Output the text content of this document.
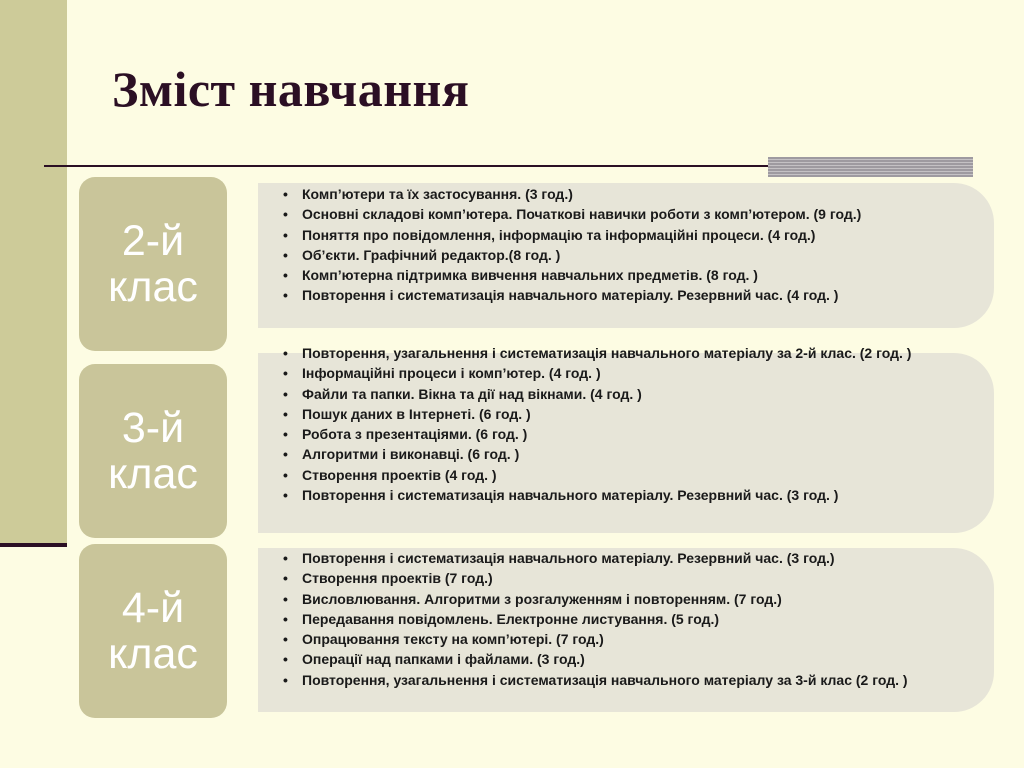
Зміст навчання
2-й
клас
• Комп’ютери та їх застосування. (3 год.)
• Основні складові комп’ютера. Початкові навички роботи з комп’ютером. (9 год.)
• Поняття про повідомлення, інформацію та інформаційні процеси. (4 год.)
• Об’єкти. Графічний редактор.(8 год. )
• Комп’ютерна підтримка вивчення навчальних предметів. (8 год. )
• Повторення і систематизація навчального матеріалу. Резервний час. (4 год. )
3-й
клас
• Повторення, узагальнення і систематизація навчального матеріалу за 2-й клас. (2 год. )
• Інформаційні процеси і комп’ютер. (4 год. )
• Файли та папки. Вікна та дії над вікнами. (4 год. )
• Пошук даних в Інтернеті. (6 год. )
• Робота з презентаціями. (6 год. )
• Алгоритми і виконавці. (6 год. )
• Створення проектів (4 год. )
• Повторення і систематизація навчального матеріалу. Резервний час. (3 год. )
4-й
клас
• Повторення і систематизація навчального матеріалу. Резервний час. (3 год.)
• Створення проектів (7 год.)
• Висловлювання. Алгоритми з розгалуженням і повторенням. (7 год.)
• Передавання повідомлень. Електронне листування. (5 год.)
• Опрацювання тексту на комп’ютері. (7 год.)
• Операції над папками і файлами. (3 год.)
• Повторення, узагальнення і систематизація навчального матеріалу за 3-й клас (2 год. )
